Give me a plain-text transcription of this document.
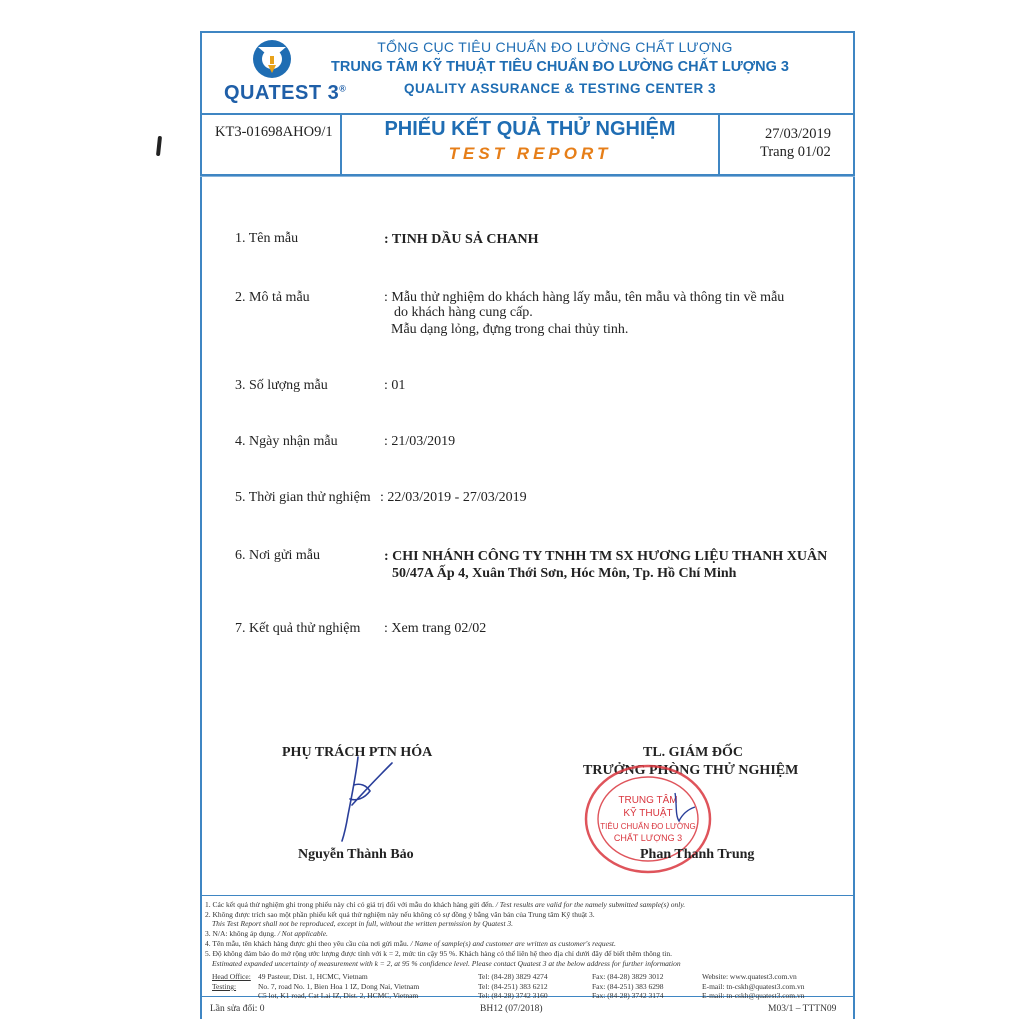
QUATEST 3®
TỔNG CỤC TIÊU CHUẨN ĐO LƯỜNG CHẤT LƯỢNG
TRUNG TÂM KỸ THUẬT TIÊU CHUẨN ĐO LƯỜNG CHẤT LƯỢNG 3
QUALITY ASSURANCE & TESTING CENTER 3
KT3-01698AHO9/1	PHIẾU KẾT QUẢ THỬ NGHIỆM
TEST REPORT
27/03/2019
Trang 01/02
1. Tên mẫu	: TINH DẦU SẢ CHANH
2. Mô tả mẫu	: Mẫu thử nghiệm do khách hàng lấy mẫu, tên mẫu và thông tin về mẫu
do khách hàng cung cấp.
Mẫu dạng lỏng, đựng trong chai thủy tinh.
3. Số lượng mẫu	: 01
4. Ngày nhận mẫu	: 21/03/2019
5. Thời gian thử nghiệm : 22/03/2019 - 27/03/2019
6. Nơi gửi mẫu	: CHI NHÁNH CÔNG TY TNHH TM SX HƯƠNG LIỆU THANH XUÂN
50/47A Ấp 4, Xuân Thới Sơn, Hóc Môn, Tp. Hồ Chí Minh
7. Kết quả thử nghiệm : Xem trang 02/02
PHỤ TRÁCH PTN HÓA
Nguyễn Thành Bảo
TL. GIÁM ĐỐC
TRƯỞNG PHÒNG THỬ NGHIỆM
TRUNG TÂM
KỸ THUẬT
TIÊU CHUẨN ĐO LƯỜNG
CHẤT LƯỢNG 3
Phan Thanh Trung
1. Các kết quả thử nghiệm ghi trong phiếu này chỉ có giá trị đối với mẫu do khách hàng gửi đến. / Test results are valid for the namely submitted sample(s) only.
2. Không được trích sao một phần phiếu kết quả thử nghiệm này nếu không có sự đồng ý bằng văn bản của Trung tâm Kỹ thuật 3.
This Test Report shall not be reproduced, except in full, without the written permission by Quatest 3.
3. N/A: không áp dụng. / Not applicable.
4. Tên mẫu, tên khách hàng được ghi theo yêu cầu của nơi gửi mẫu. / Name of sample(s) and customer are written as customer's request.
5. Độ không đảm bảo đo mở rộng ước lượng được tính với k = 2, mức tin cậy 95 %. Khách hàng có thể liên hệ theo địa chỉ dưới đây để biết thêm thông tin.
Estimated expanded uncertainty of measurement with k = 2, at 95 % confidence level. Please contact Quatest 3 at the below address for further information
Head Office: 49 Pasteur, Dist. 1, HCMC, Vietnam	Tel: (84-28) 3829 4274	Fax: (84-28) 3829 3012	Website: www.quatest3.com.vn
Testing:	No. 7, road No. 1, Bien Hoa 1 IZ, Dong Nai, Vietnam	Tel: (84-251) 383 6212	Fax: (84-251) 383 6298	E-mail: tn-cskh@quatest3.com.vn
C5 lot, K1 road, Cat Lai IZ, Dist. 2, HCMC, Vietnam	Tel: (84-28) 3742 3160	Fax: (84-28) 3742 3174	E-mail: tn-cskh@quatest3.com.vn
Lần sửa đổi: 0	BH12 (07/2018)	M03/1 – TTTN09
